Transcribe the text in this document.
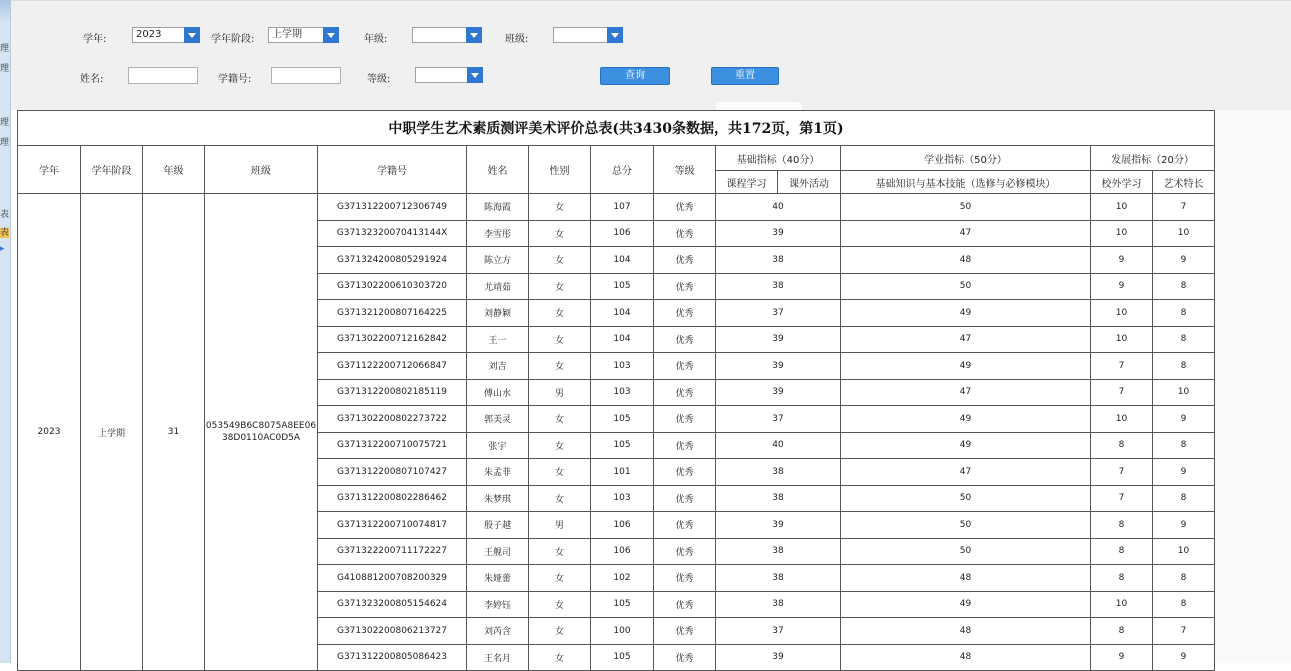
理
理
理
理
表
表
▸
学年:	2023	学年阶段:	上学期	年级:	班级:
姓名:	学籍号:	等级:	查询	重置
中职学生艺术素质测评美术评价总表(共3430条数据，共172页，第1页)													
学年	学年阶段	年级	班级	学籍号	姓名	性别	总分	等级	基础指标（40分）		学业指标（50分）	发展指标（20分）	
									课程学习	课外活动	基础知识与基本技能（选修与必修模块）	校外学习	艺术特长
2023	上学期	31	053549B6C8075A8EE0638D0110AC0D5A	G371312200712306749	陈海霞	女	107	优秀	40		50	10	7
				G37132320070413144X	李雪彤	女	106	优秀	39		47	10	10
				G371324200805291924	陈立方	女	104	优秀	38		48	9	9
				G371302200610303720	尤靖茹	女	105	优秀	38		50	9	8
				G371321200807164225	刘静颖	女	104	优秀	37		49	10	8
				G371302200712162842	王一	女	104	优秀	39		47	10	8
				G371122200712066847	刘吉	女	103	优秀	39		49	7	8
				G371312200802185119	傅山水	男	103	优秀	39		47	7	10
				G371302200802273722	郭美灵	女	105	优秀	37		49	10	9
				G371312200710075721	张宇	女	105	优秀	40		49	8	8
				G371312200807107427	朱孟菲	女	101	优秀	38		47	7	9
				G371312200802286462	朱梦琪	女	103	优秀	38		50	7	8
				G371312200710074817	殷子越	男	106	优秀	39		50	8	9
				G371322200711172227	王舰司	女	106	优秀	38		50	8	10
				G410881200708200329	朱娅蕾	女	102	优秀	38		48	8	8
				G371323200805154624	李婷钰	女	105	优秀	38		49	10	8
				G371302200806213727	刘芮含	女	100	优秀	37		48	8	7
				G371312200805086423	王名月	女	105	优秀	39		48	9	9
